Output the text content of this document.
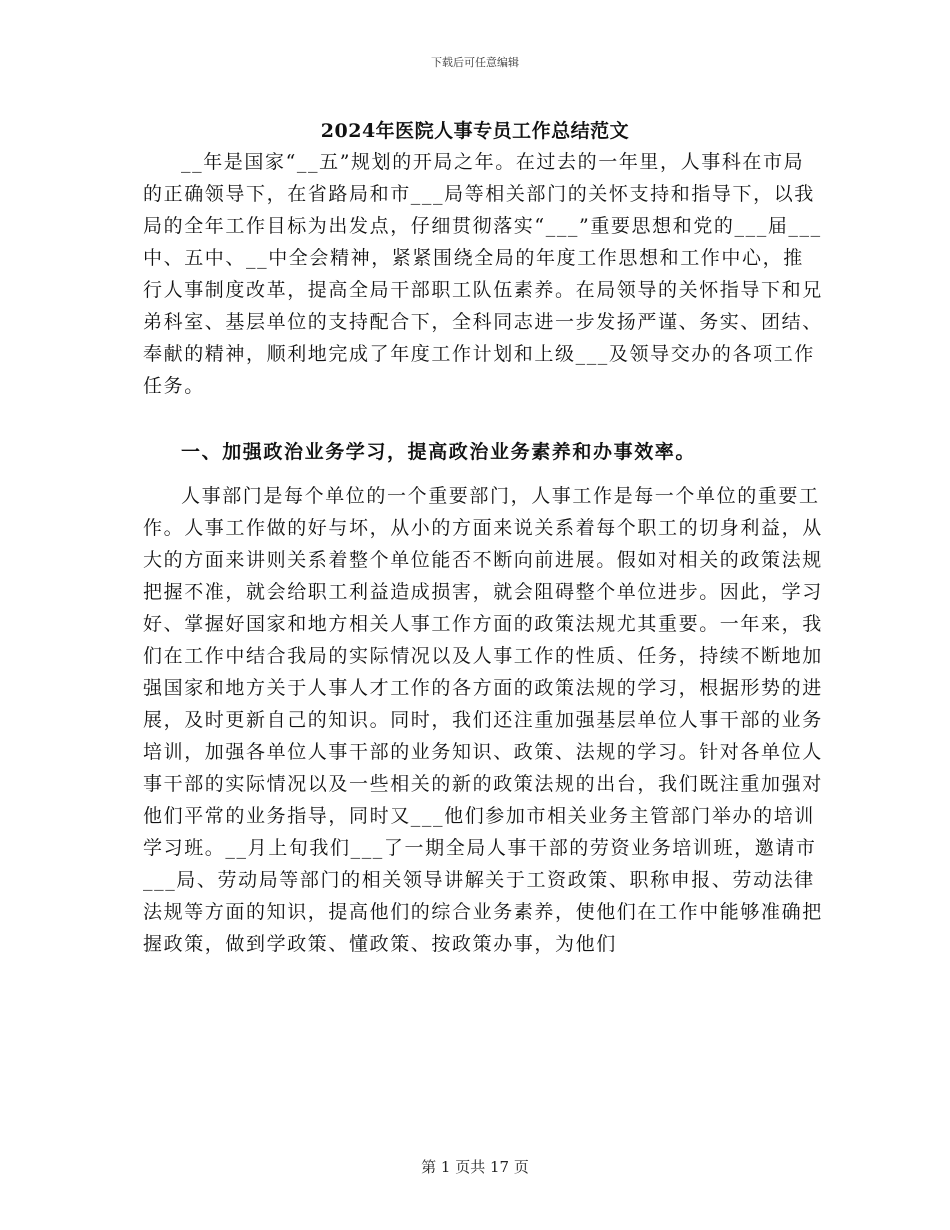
下载后可任意编辑
2024年医院人事专员工作总结范文

__年是国家“__五”规划的开局之年。在过去的一年里，人事科在市局的正确领导下，在省路局和市___局等相关部门的关怀支持和指导下，以我局的全年工作目标为出发点，仔细贯彻落实“___”重要思想和党的___届___中、五中、__中全会精神，紧紧围绕全局的年度工作思想和工作中心，推行人事制度改革，提高全局干部职工队伍素养。在局领导的关怀指导下和兄弟科室、基层单位的支持配合下，全科同志进一步发扬严谨、务实、团结、奉献的精神，顺利地完成了年度工作计划和上级___及领导交办的各项工作任务。

一、加强政治业务学习，提高政治业务素养和办事效率。

人事部门是每个单位的一个重要部门，人事工作是每一个单位的重要工作。人事工作做的好与坏，从小的方面来说关系着每个职工的切身利益，从大的方面来讲则关系着整个单位能否不断向前进展。假如对相关的政策法规把握不准，就会给职工利益造成损害，就会阻碍整个单位进步。因此，学习好、掌握好国家和地方相关人事工作方面的政策法规尤其重要。一年来，我们在工作中结合我局的实际情况以及人事工作的性质、任务，持续不断地加强国家和地方关于人事人才工作的各方面的政策法规的学习，根据形势的进展，及时更新自己的知识。同时，我们还注重加强基层单位人事干部的业务培训，加强各单位人事干部的业务知识、政策、法规的学习。针对各单位人事干部的实际情况以及一些相关的新的政策法规的出台，我们既注重加强对他们平常的业务指导，同时又___他们参加市相关业务主管部门举办的培训学习班。__月上旬我们___了一期全局人事干部的劳资业务培训班，邀请市___局、劳动局等部门的相关领导讲解关于工资政策、职称申报、劳动法律法规等方面的知识，提高他们的综合业务素养，使他们在工作中能够准确把握政策，做到学政策、懂政策、按政策办事，为他们

第 1 页共 17 页
